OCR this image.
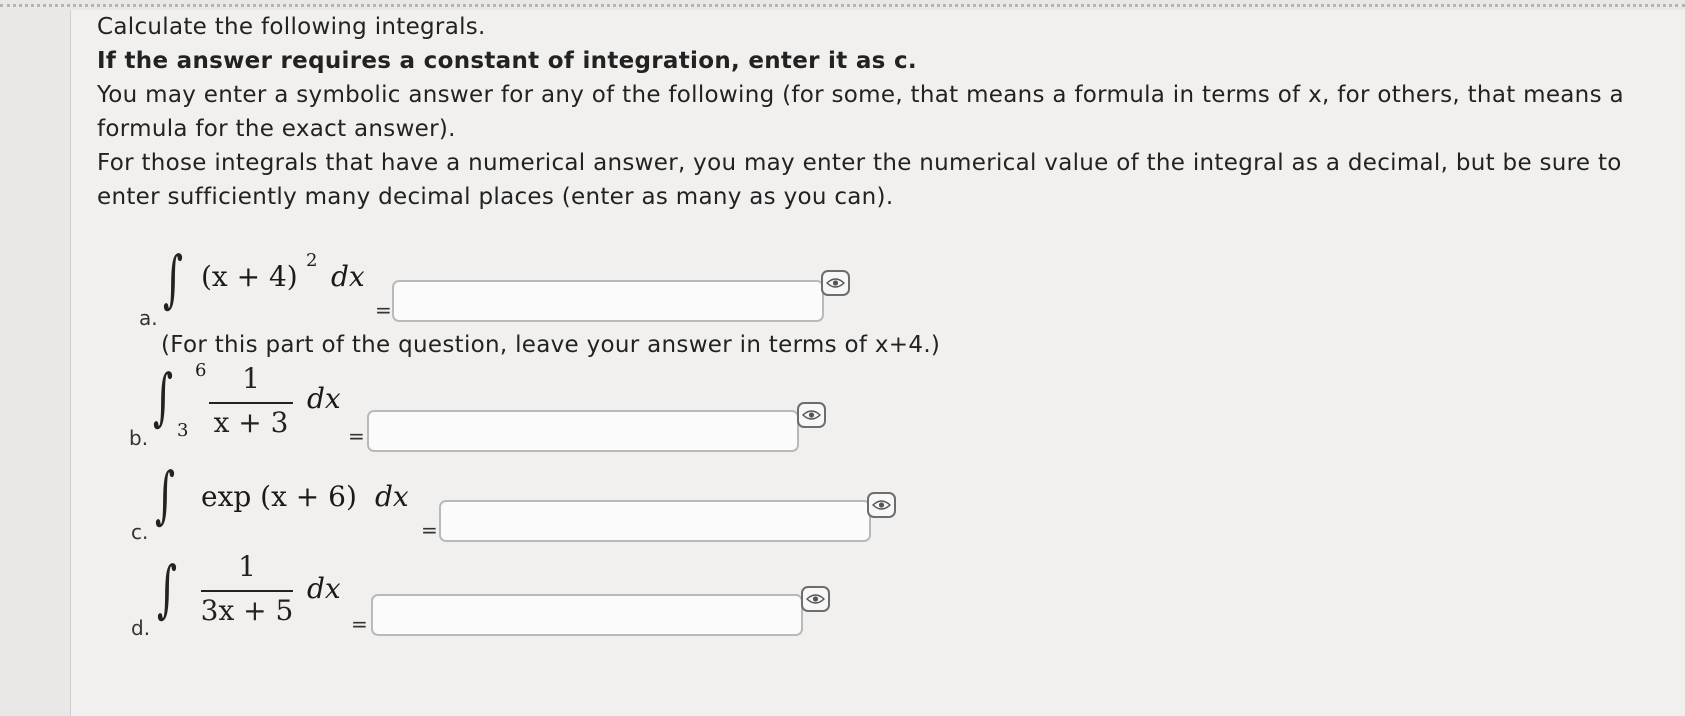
Calculate the following integrals.
If the answer requires a constant of integration, enter it as c.
You may enter a symbolic answer for any of the following (for some, that means a formula in terms of x, for others, that means a
formula for the exact answer).
For those integrals that have a numerical answer, you may enter the numerical value of the integral as a decimal, but be sure to
enter sufficiently many decimal places (enter as many as you can).
a.
∫ (x + 4) 2 dx
=
(For this part of the question, leave your answer in terms of x+4.)
b.
∫ 6
3
1
x + 3
dx
=
c.
∫ exp (x + 6) dx
=
d.
∫	1
3x + 5
dx
=
